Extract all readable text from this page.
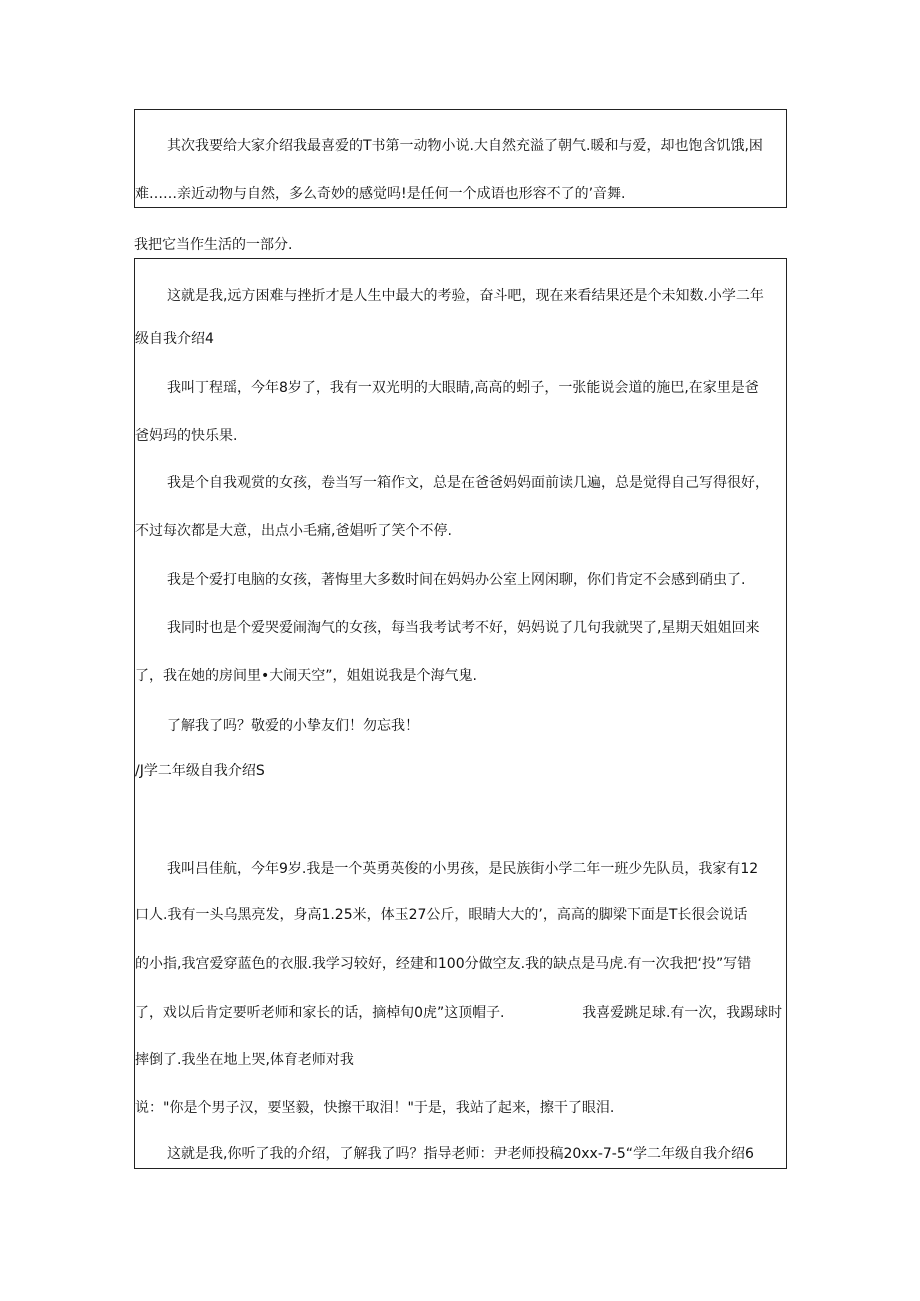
其次我要给大家介绍我最喜爱的T书第一动物小说.大自然充溢了朝气.暖和与爱，却也饱含饥饿,困

难……亲近动物与自然，多么奇妙的感觉吗!是任何一个成语也形容不了的’音舞.

我把它当作生活的一部分.

这就是我,远方困难与挫折才是人生中最大的考验，奋斗吧，现在来看结果还是个未知数.小学二年

级自我介绍4

我叫丁程瑶，今年8岁了，我有一双光明的大眼睛,高高的蚓子，一张能说会道的施巴,在家里是爸

爸妈玛的快乐果.

我是个自我观赏的女孩，卷当写一箱作文，总是在爸爸妈妈面前读几遍，总是觉得自己写得很好，

不过每次都是大意，出点小毛痛,爸娼听了笑个不停.

我是个爱打电脑的女孩，著悔里大多数时间在妈妈办公室上网闲聊，你们肯定不会感到硝虫了.

我同时也是个爱哭爱闹淘气的女孩，每当我考试考不好，妈妈说了几句我就哭了,星期天姐姐回来

了，我在她的房间里•大闹天空”，姐姐说我是个海气鬼.

了解我了吗？敬爱的小挚友们！勿忘我！

/J学二年级自我介绍S

我叫吕佳航，今年9岁.我是一个英勇英俊的小男孩，是民族街小学二年一班少先队员，我家有12

口人.我有一头乌黑亮发，身高1.25米，体玉27公斤，眼睛大大的’，高高的脚梁下面是T长很会说话

的小指,我宫爱穿蓝色的衣服.我学习较好，经建和100分做空友.我的缺点是马虎.有一次我把‘投”写错

了，戏以后肯定要听老师和家长的话，摘棹旬0虎”这顶帽子.	我喜爱跳足球.有一次，我踢球时

摔倒了.我坐在地上哭,体育老师对我

说："你是个男子汉，要坚毅，快擦干取泪！"于是，我站了起来，擦干了眼泪.

这就是我,你听了我的介绍，了解我了吗？指导老师：尹老师投稿20xx-7-5“学二年级自我介绍6
